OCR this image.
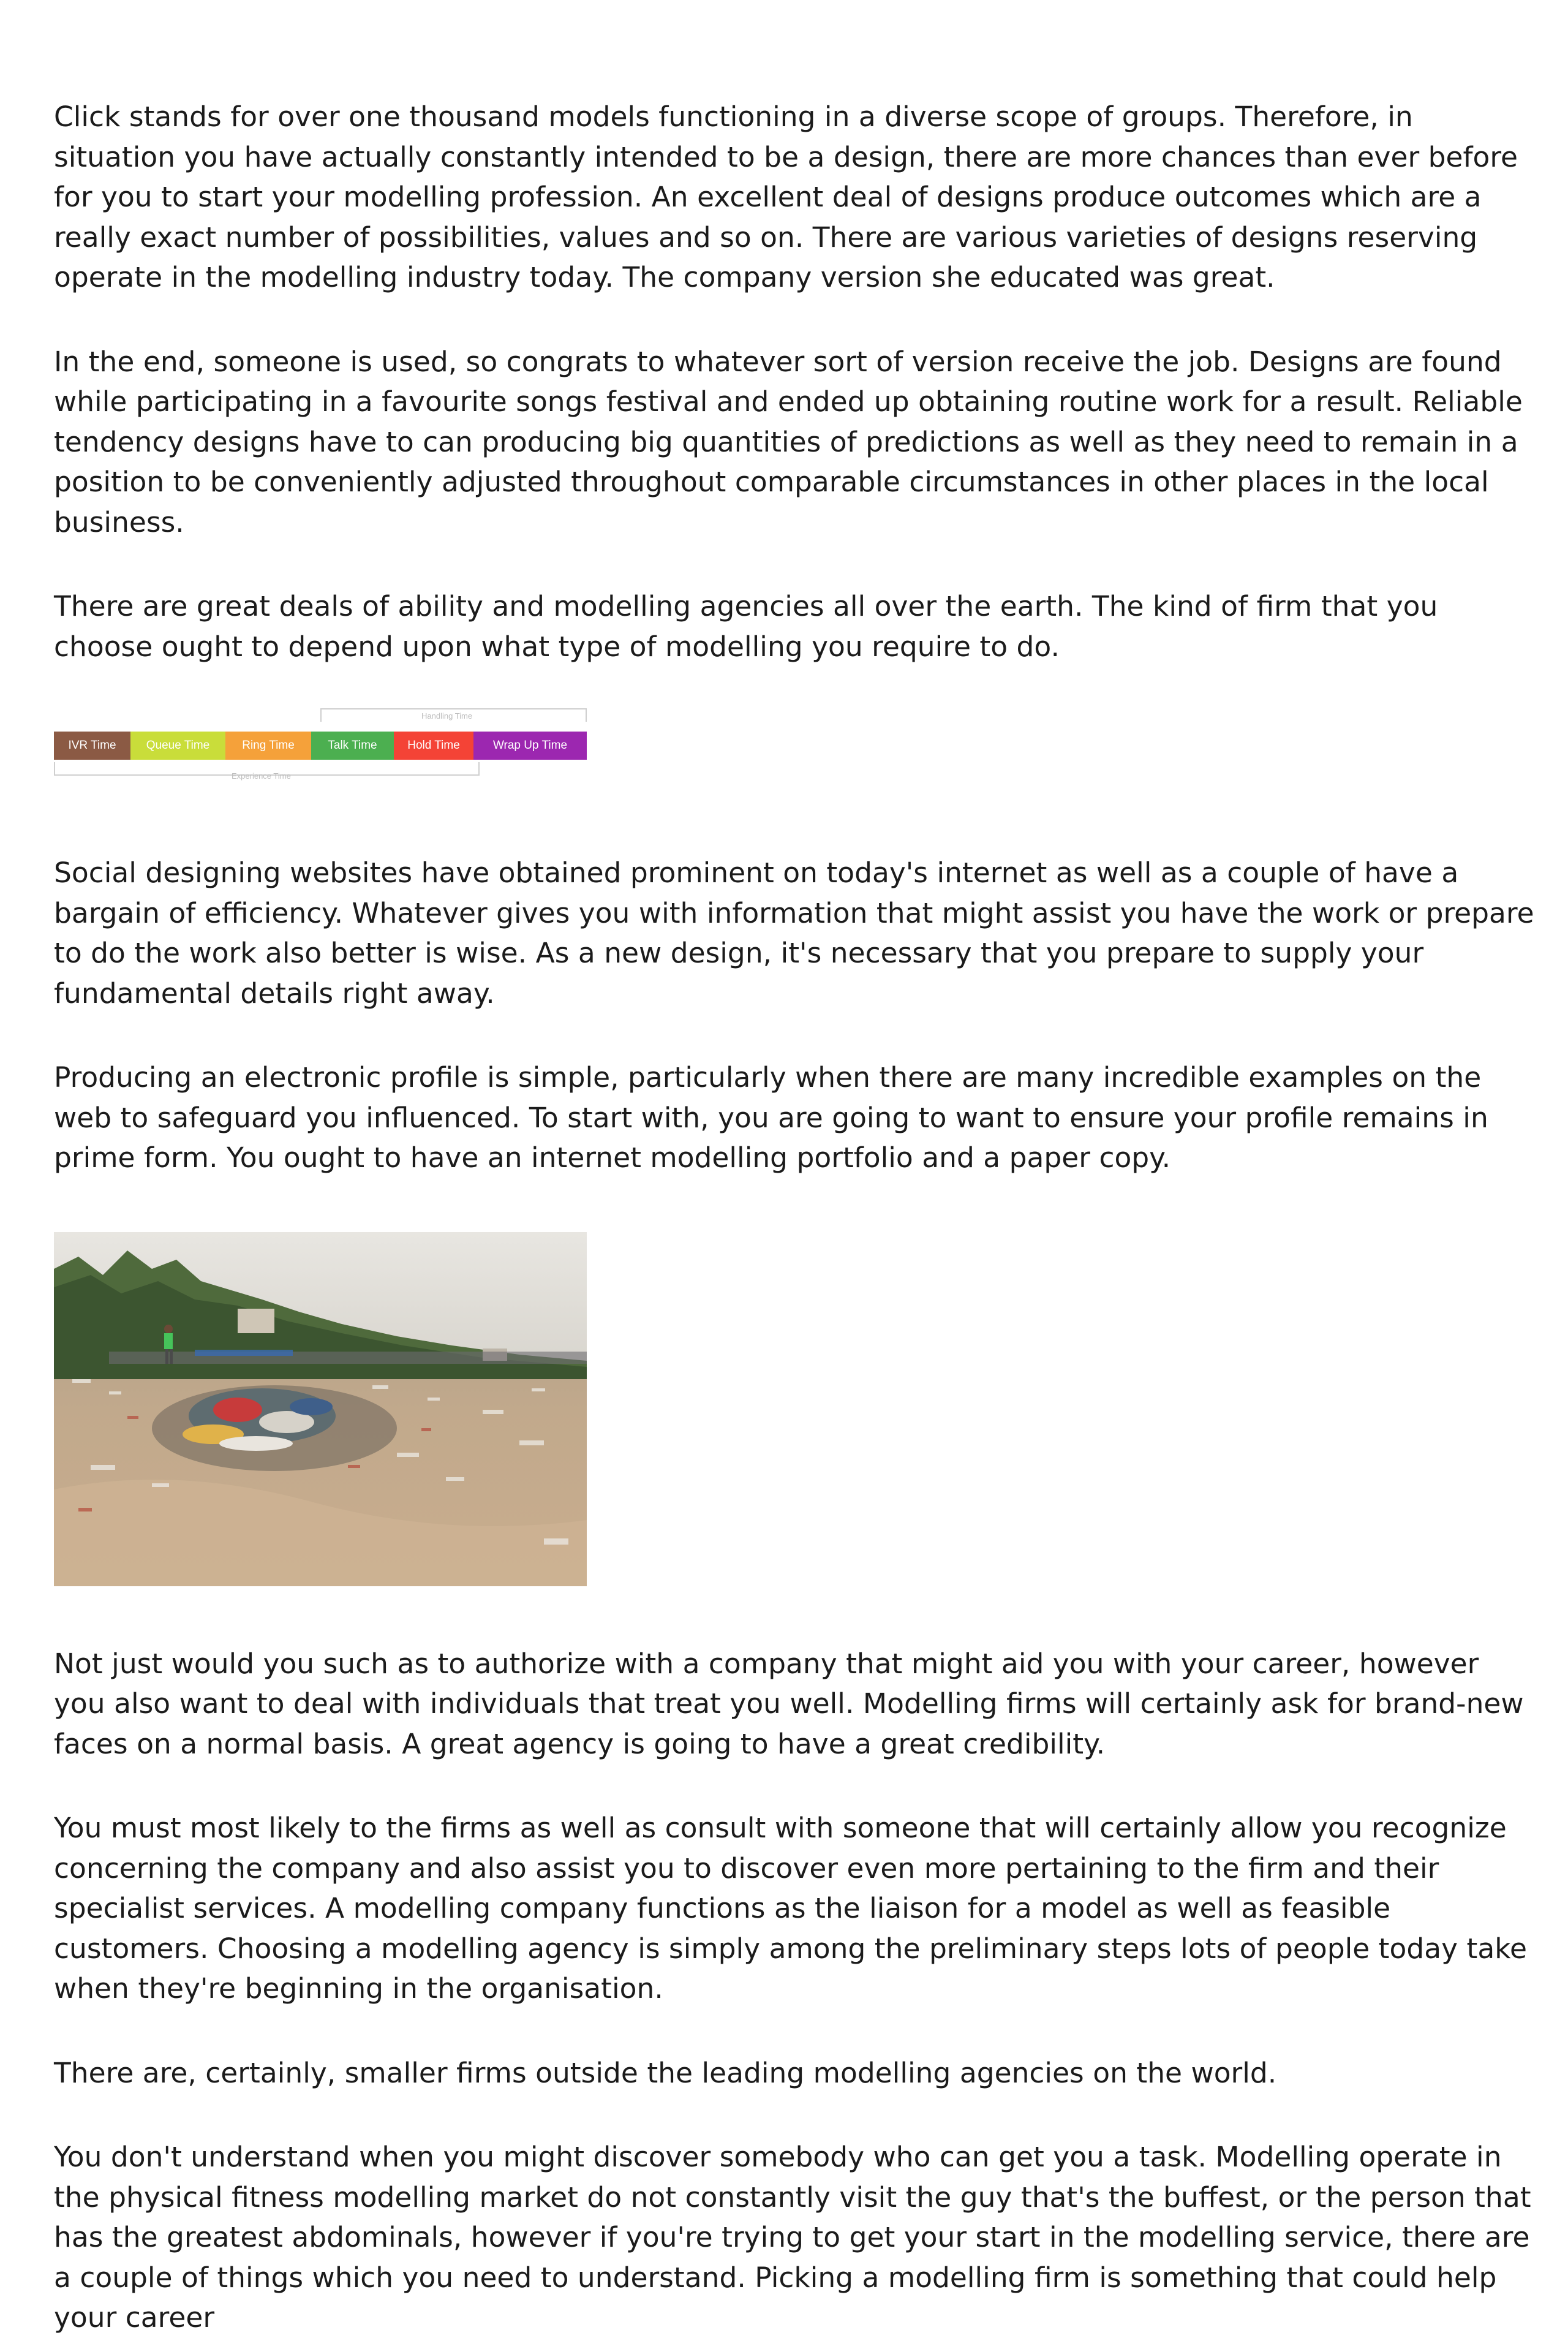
Click stands for over one thousand models functioning in a diverse scope of groups. Therefore, in situation you have actually constantly intended to be a design, there are more chances than ever before for you to start your modelling profession. An excellent deal of designs produce outcomes which are a really exact number of possibilities, values and so on. There are various varieties of designs reserving operate in the modelling industry today. The company version she educated was great.

In the end, someone is used, so congrats to whatever sort of version receive the job. Designs are found while participating in a favourite songs festival and ended up obtaining routine work for a result. Reliable tendency designs have to can producing big quantities of predictions as well as they need to remain in a position to be conveniently adjusted throughout comparable circumstances in other places in the local business.

There are great deals of ability and modelling agencies all over the earth. The kind of firm that you choose ought to depend upon what type of modelling you require to do.

Handling Time
IVR Time	Queue Time	Ring Time	Talk Time	Hold Time	Wrap Up Time
Experience Time

Social designing websites have obtained prominent on today's internet as well as a couple of have a bargain of efficiency. Whatever gives you with information that might assist you have the work or prepare to do the work also better is wise. As a new design, it's necessary that you prepare to supply your fundamental details right away.

Producing an electronic profile is simple, particularly when there are many incredible examples on the web to safeguard you influenced. To start with, you are going to want to ensure your profile remains in prime form. You ought to have an internet modelling portfolio and a paper copy.

Not just would you such as to authorize with a company that might aid you with your career, however you also want to deal with individuals that treat you well. Modelling firms will certainly ask for brand-new faces on a normal basis. A great agency is going to have a great credibility.

You must most likely to the firms as well as consult with someone that will certainly allow you recognize concerning the company and also assist you to discover even more pertaining to the firm and their specialist services. A modelling company functions as the liaison for a model as well as feasible customers. Choosing a modelling agency is simply among the preliminary steps lots of people today take when they're beginning in the organisation.

There are, certainly, smaller firms outside the leading modelling agencies on the world.

You don't understand when you might discover somebody who can get you a task. Modelling operate in the physical fitness modelling market do not constantly visit the guy that's the buffest, or the person that has the greatest abdominals, however if you're trying to get your start in the modelling service, there are a couple of things which you need to understand. Picking a modelling firm is something that could help your career
